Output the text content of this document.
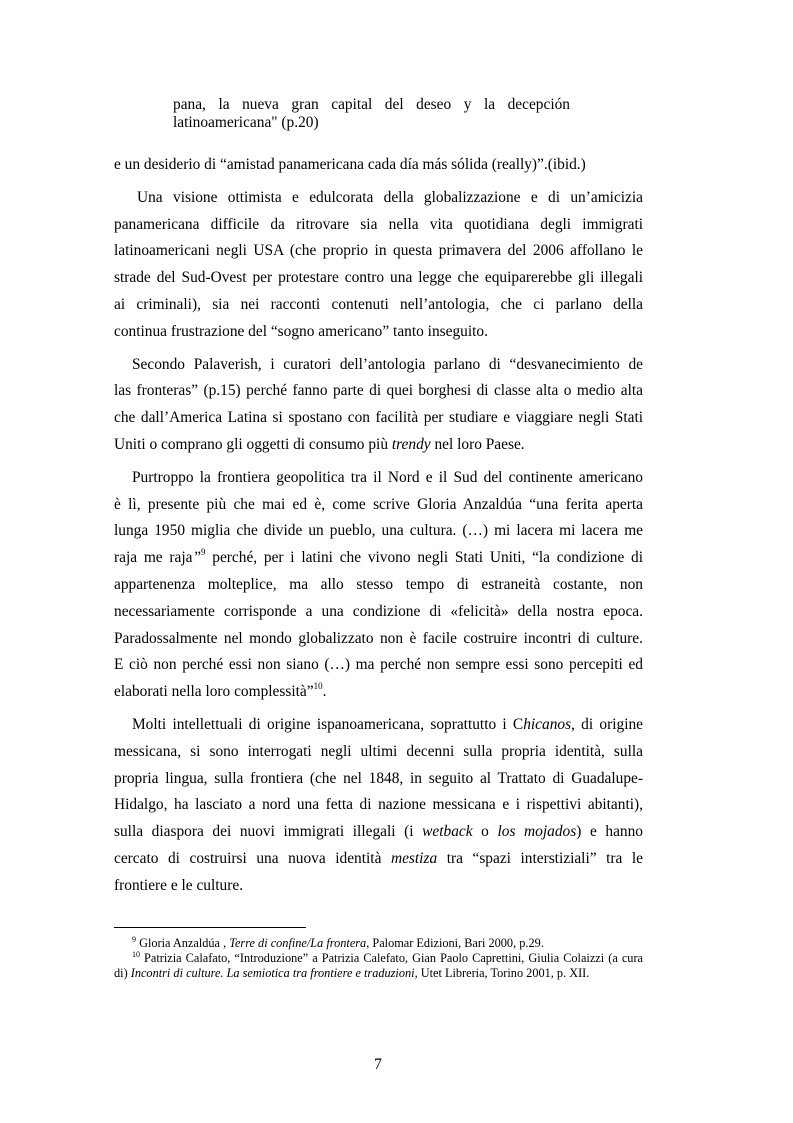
pana, la nueva gran capital del deseo y la decepción
latinoamericana" (p.20)

e un desiderio di “amistad panamericana cada día más sólida (really)”.(ibid.)

Una visione ottimista e edulcorata della globalizzazione e di un’amicizia
panamericana difficile da ritrovare sia nella vita quotidiana degli immigrati
latinoamericani negli USA (che proprio in questa primavera del 2006 affollano le
strade del Sud-Ovest per protestare contro una legge che equiparerebbe gli illegali
ai criminali), sia nei racconti contenuti nell’antologia, che ci parlano della
continua frustrazione del “sogno americano” tanto inseguito.

Secondo Palaverish, i curatori dell’antologia parlano di “desvanecimiento de
las fronteras” (p.15) perché fanno parte di quei borghesi di classe alta o medio alta
che dall’America Latina si spostano con facilità per studiare e viaggiare negli Stati
Uniti o comprano gli oggetti di consumo più trendy nel loro Paese.

Purtroppo la frontiera geopolitica tra il Nord e il Sud del continente americano
è lì, presente più che mai ed è, come scrive Gloria Anzaldúa “una ferita aperta
lunga 1950 miglia che divide un pueblo, una cultura. (…) mi lacera mi lacera me
raja me raja”$^9$ perché, per i latini che vivono negli Stati Uniti, “la condizione di
appartenenza molteplice, ma allo stesso tempo di estraneità costante, non
necessariamente corrisponde a una condizione di «felicità» della nostra epoca.
Paradossalmente nel mondo globalizzato non è facile costruire incontri di culture.
E ciò non perché essi non siano (…) ma perché non sempre essi sono percepiti ed
elaborati nella loro complessità”$^{10}$.

Molti intellettuali di origine ispanoamericana, soprattutto i Chicanos, di origine
messicana, si sono interrogati negli ultimi decenni sulla propria identità, sulla
propria lingua, sulla frontiera (che nel 1848, in seguito al Trattato di Guadalupe-
Hidalgo, ha lasciato a nord una fetta di nazione messicana e i rispettivi abitanti),
sulla diaspora dei nuovi immigrati illegali (i wetback o los mojados) e hanno
cercato di costruirsi una nuova identità mestiza tra “spazi interstiziali” tra le
frontiere e le culture.

$^9$ Gloria Anzaldúa , Terre di confine/La frontera, Palomar Edizioni, Bari 2000, p.29.

$^{10}$ Patrizia Calafato, “Introduzione” a Patrizia Calefato, Gian Paolo Caprettini, Giulia Colaizzi (a cura di) Incontri di culture. La semiotica tra frontiere e traduzioni, Utet Libreria, Torino 2001, p. XII.

7
